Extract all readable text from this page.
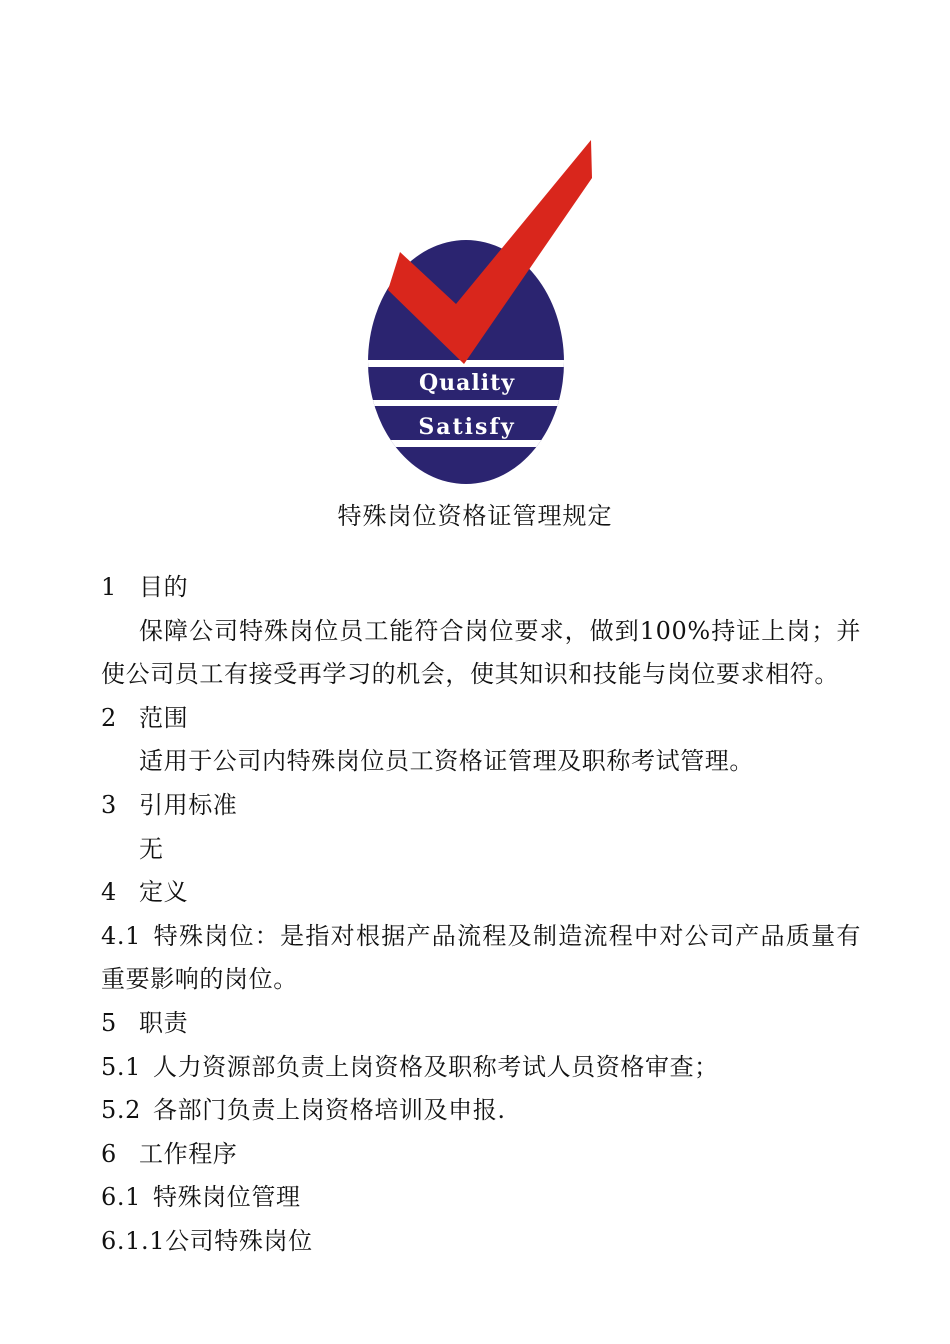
Quality
Satisfy
特殊岗位资格证管理规定
1 目的
保障公司特殊岗位员工能符合岗位要求，做到100%持证上岗；并使公司员工有接受再学习的机会，使其知识和技能与岗位要求相符。
2 范围
适用于公司内特殊岗位员工资格证管理及职称考试管理。
3 引用标准
无
4 定义
4.1 特殊岗位：是指对根据产品流程及制造流程中对公司产品质量有重要影响的岗位。
5 职责
5.1 人力资源部负责上岗资格及职称考试人员资格审查；
5.2 各部门负责上岗资格培训及申报.
6 工作程序
6.1 特殊岗位管理
6.1.1公司特殊岗位
